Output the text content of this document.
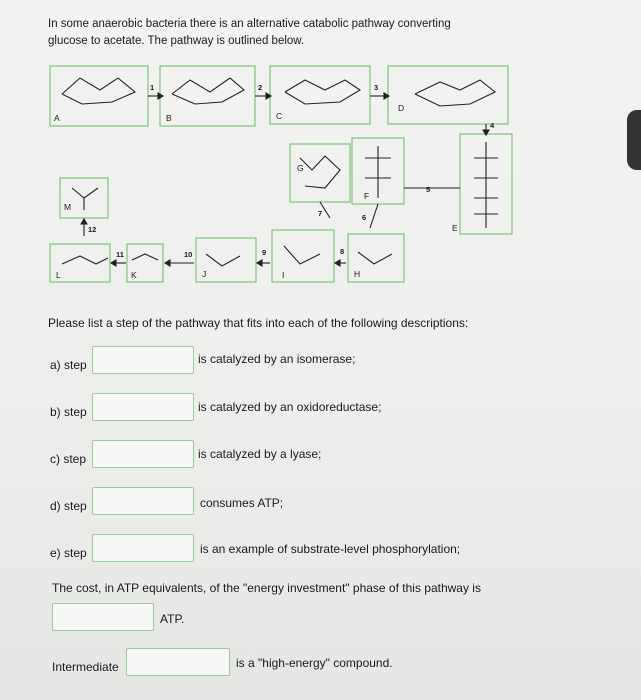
In some anaerobic bacteria there is an alternative catabolic pathway converting glucose to acetate. The pathway is outlined below.
A	B	C
D
E
F
G
H
I
J
K
L
M
1	2	3
4
5
6
7
8
9
10
11
12
Please list a step of the pathway that fits into each of the following descriptions:
a) step	is catalyzed by an isomerase;
b) step	is catalyzed by an oxidoreductase;
c) step	is catalyzed by a lyase;
d) step	consumes ATP;
e) step	is an example of substrate-level phosphorylation;
The cost, in ATP equivalents, of the "energy investment" phase of this pathway is
ATP.
Intermediate	is a "high-energy" compound.
